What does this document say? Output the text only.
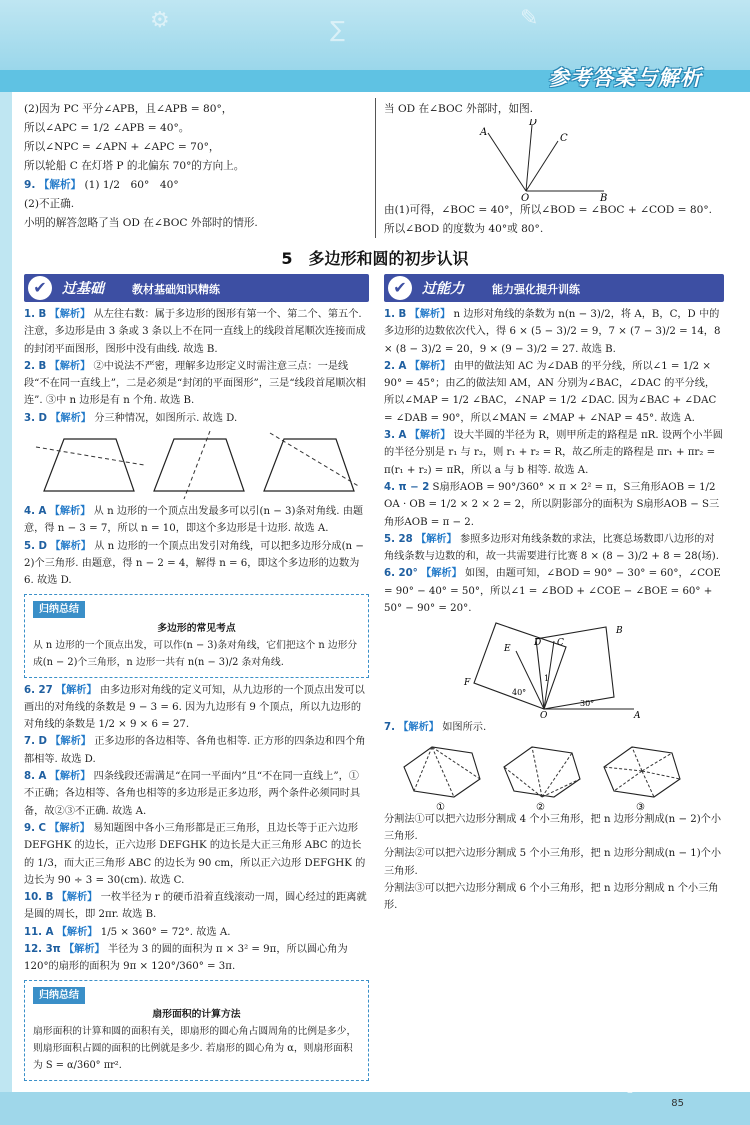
⚙	∑	✎
参考答案与解析

(2)因为 PC 平分∠APB，且∠APB = 80°，

所以∠APC = 1/2 ∠APB = 40°。

所以∠NPC = ∠APN + ∠APC = 70°，

所以轮船 C 在灯塔 P 的北偏东 70°的方向上。

9. 【解析】 (1) 1/2　60°　40°

(2)不正确.

小明的解答忽略了当 OD 在∠BOC 外部时的情形.

当 OD 在∠BOC 外部时，如图.

A
D
C
O	B

由(1)可得，∠BOC = 40°，所以∠BOD = ∠BOC + ∠COD = 80°.

所以∠BOD 的度数为 40°或 80°.

5　多边形和圆的初步认识
✔	过基础	教材基础知识精练	✔	过能力	能力强化提升训练

1. B 【解析】 从左往右数：属于多边形的图形有第一个、第二个、第五个. 注意，多边形是由 3 条或 3 条以上不在同一直线上的线段首尾顺次连接而成的封闭平面图形，图形中没有曲线. 故选 B.

2. B 【解析】 ②中说法不严密，理解多边形定义时需注意三点：一是线段“不在同一直线上”，二是必须是“封闭的平面图形”，三是“线段首尾顺次相连”. ③中 n 边形是有 n 个角. 故选 B.

3. D 【解析】 分三种情况，如图所示. 故选 D.

4. A 【解析】 从 n 边形的一个顶点出发最多可以引(n − 3)条对角线. 由题意，得 n − 3 = 7，所以 n = 10，即这个多边形是十边形. 故选 A.

5. D 【解析】 从 n 边形的一个顶点出发引对角线，可以把多边形分成(n − 2)个三角形. 由题意，得 n − 2 = 4，解得 n = 6，即这个多边形的边数为 6. 故选 D.

归纳总结
多边形的常见考点
从 n 边形的一个顶点出发，可以作(n − 3)条对角线，它们把这个 n 边形分成(n − 2)个三角形，n 边形一共有 n(n − 3)/2 条对角线.

6. 27 【解析】 由多边形对角线的定义可知，从九边形的一个顶点出发可以画出的对角线的条数是 9 − 3 = 6. 因为九边形有 9 个顶点，所以九边形的对角线的条数是 1/2 × 9 × 6 = 27.

7. D 【解析】 正多边形的各边相等、各角也相等. 正方形的四条边和四个角都相等. 故选 D.

8. A 【解析】 四条线段还需满足“在同一平面内”且“不在同一直线上”，①不正确；各边相等、各角也相等的多边形是正多边形，两个条件必须同时具备，故②③不正确. 故选 A.

9. C 【解析】 易知题图中各小三角形都是正三角形，且边长等于正六边形 DEFGHK 的边长，正六边形 DEFGHK 的边长是大正三角形 ABC 的边长的 1/3，而大正三角形 ABC 的边长为 90 cm，所以正六边形 DEFGHK 的边长为 90 ÷ 3 = 30(cm). 故选 C.

10. B 【解析】 一枚半径为 r 的硬币沿着直线滚动一周，圆心经过的距离就是圆的周长，即 2πr. 故选 B.

11. A 【解析】 1/5 × 360° = 72°. 故选 A.

12. 3π 【解析】 半径为 3 的圆的面积为 π × 3² = 9π，所以圆心角为 120°的扇形的面积为 9π × 120°/360° = 3π.

归纳总结
扇形面积的计算方法
扇形面积的计算和圆的面积有关，即扇形的圆心角占圆周角的比例是多少，则扇形面积占圆的面积的比例就是多少. 若扇形的圆心角为 α，则扇形面积为 S = α/360° πr².

1. B 【解析】 n 边形对角线的条数为 n(n − 3)/2，将 A，B，C，D 中的多边形的边数依次代入，得 6 × (5 − 3)/2 = 9，7 × (7 − 3)/2 = 14，8 × (8 − 3)/2 = 20，9 × (9 − 3)/2 = 27. 故选 B.

2. A 【解析】 由甲的做法知 AC 为∠DAB 的平分线，所以∠1 = 1/2 × 90° = 45°；由乙的做法知 AM，AN 分别为∠BAC，∠DAC 的平分线，所以∠MAP = 1/2 ∠BAC，∠NAP = 1/2 ∠DAC. 因为∠BAC + ∠DAC = ∠DAB = 90°，所以∠MAN = ∠MAP + ∠NAP = 45°. 故选 A.

3. A 【解析】 设大半圆的半径为 R，则甲所走的路程是 πR. 设两个小半圆的半径分别是 r₁ 与 r₂，则 r₁ + r₂ = R，故乙所走的路程是 πr₁ + πr₂ = π(r₁ + r₂) = πR，所以 a 与 b 相等. 故选 A.

4. π − 2 S扇形AOB = 90°/360° × π × 2² = π，S三角形AOB = 1/2 OA · OB = 1/2 × 2 × 2 = 2，所以阴影部分的面积为 S扇形AOB − S三角形AOB = π − 2.

5. 28 【解析】 参照多边形对角线条数的求法，比赛总场数即八边形的对角线条数与边数的和，故一共需要进行比赛 8 × (8 − 3)/2 + 8 = 28(场).

6. 20° 【解析】 如图，由题可知，∠BOD = 90° − 30° = 60°，∠COE = 90° − 40° = 50°，所以∠1 = ∠BOD + ∠COE − ∠BOE = 60° + 50° − 90° = 20°.

E
D C
B
F
O	A
1
40°
30°

7. 【解析】 如图所示.

①	②	③

分割法①可以把六边形分割成 4 个小三角形，把 n 边形分割成(n − 2)个小三角形.

分割法②可以把六边形分割成 5 个小三角形，把 n 边形分割成(n − 1)个小三角形.

分割法③可以把六边形分割成 6 个小三角形，把 n 边形分割成 n 个小三角形.

MXQE.COM
85
